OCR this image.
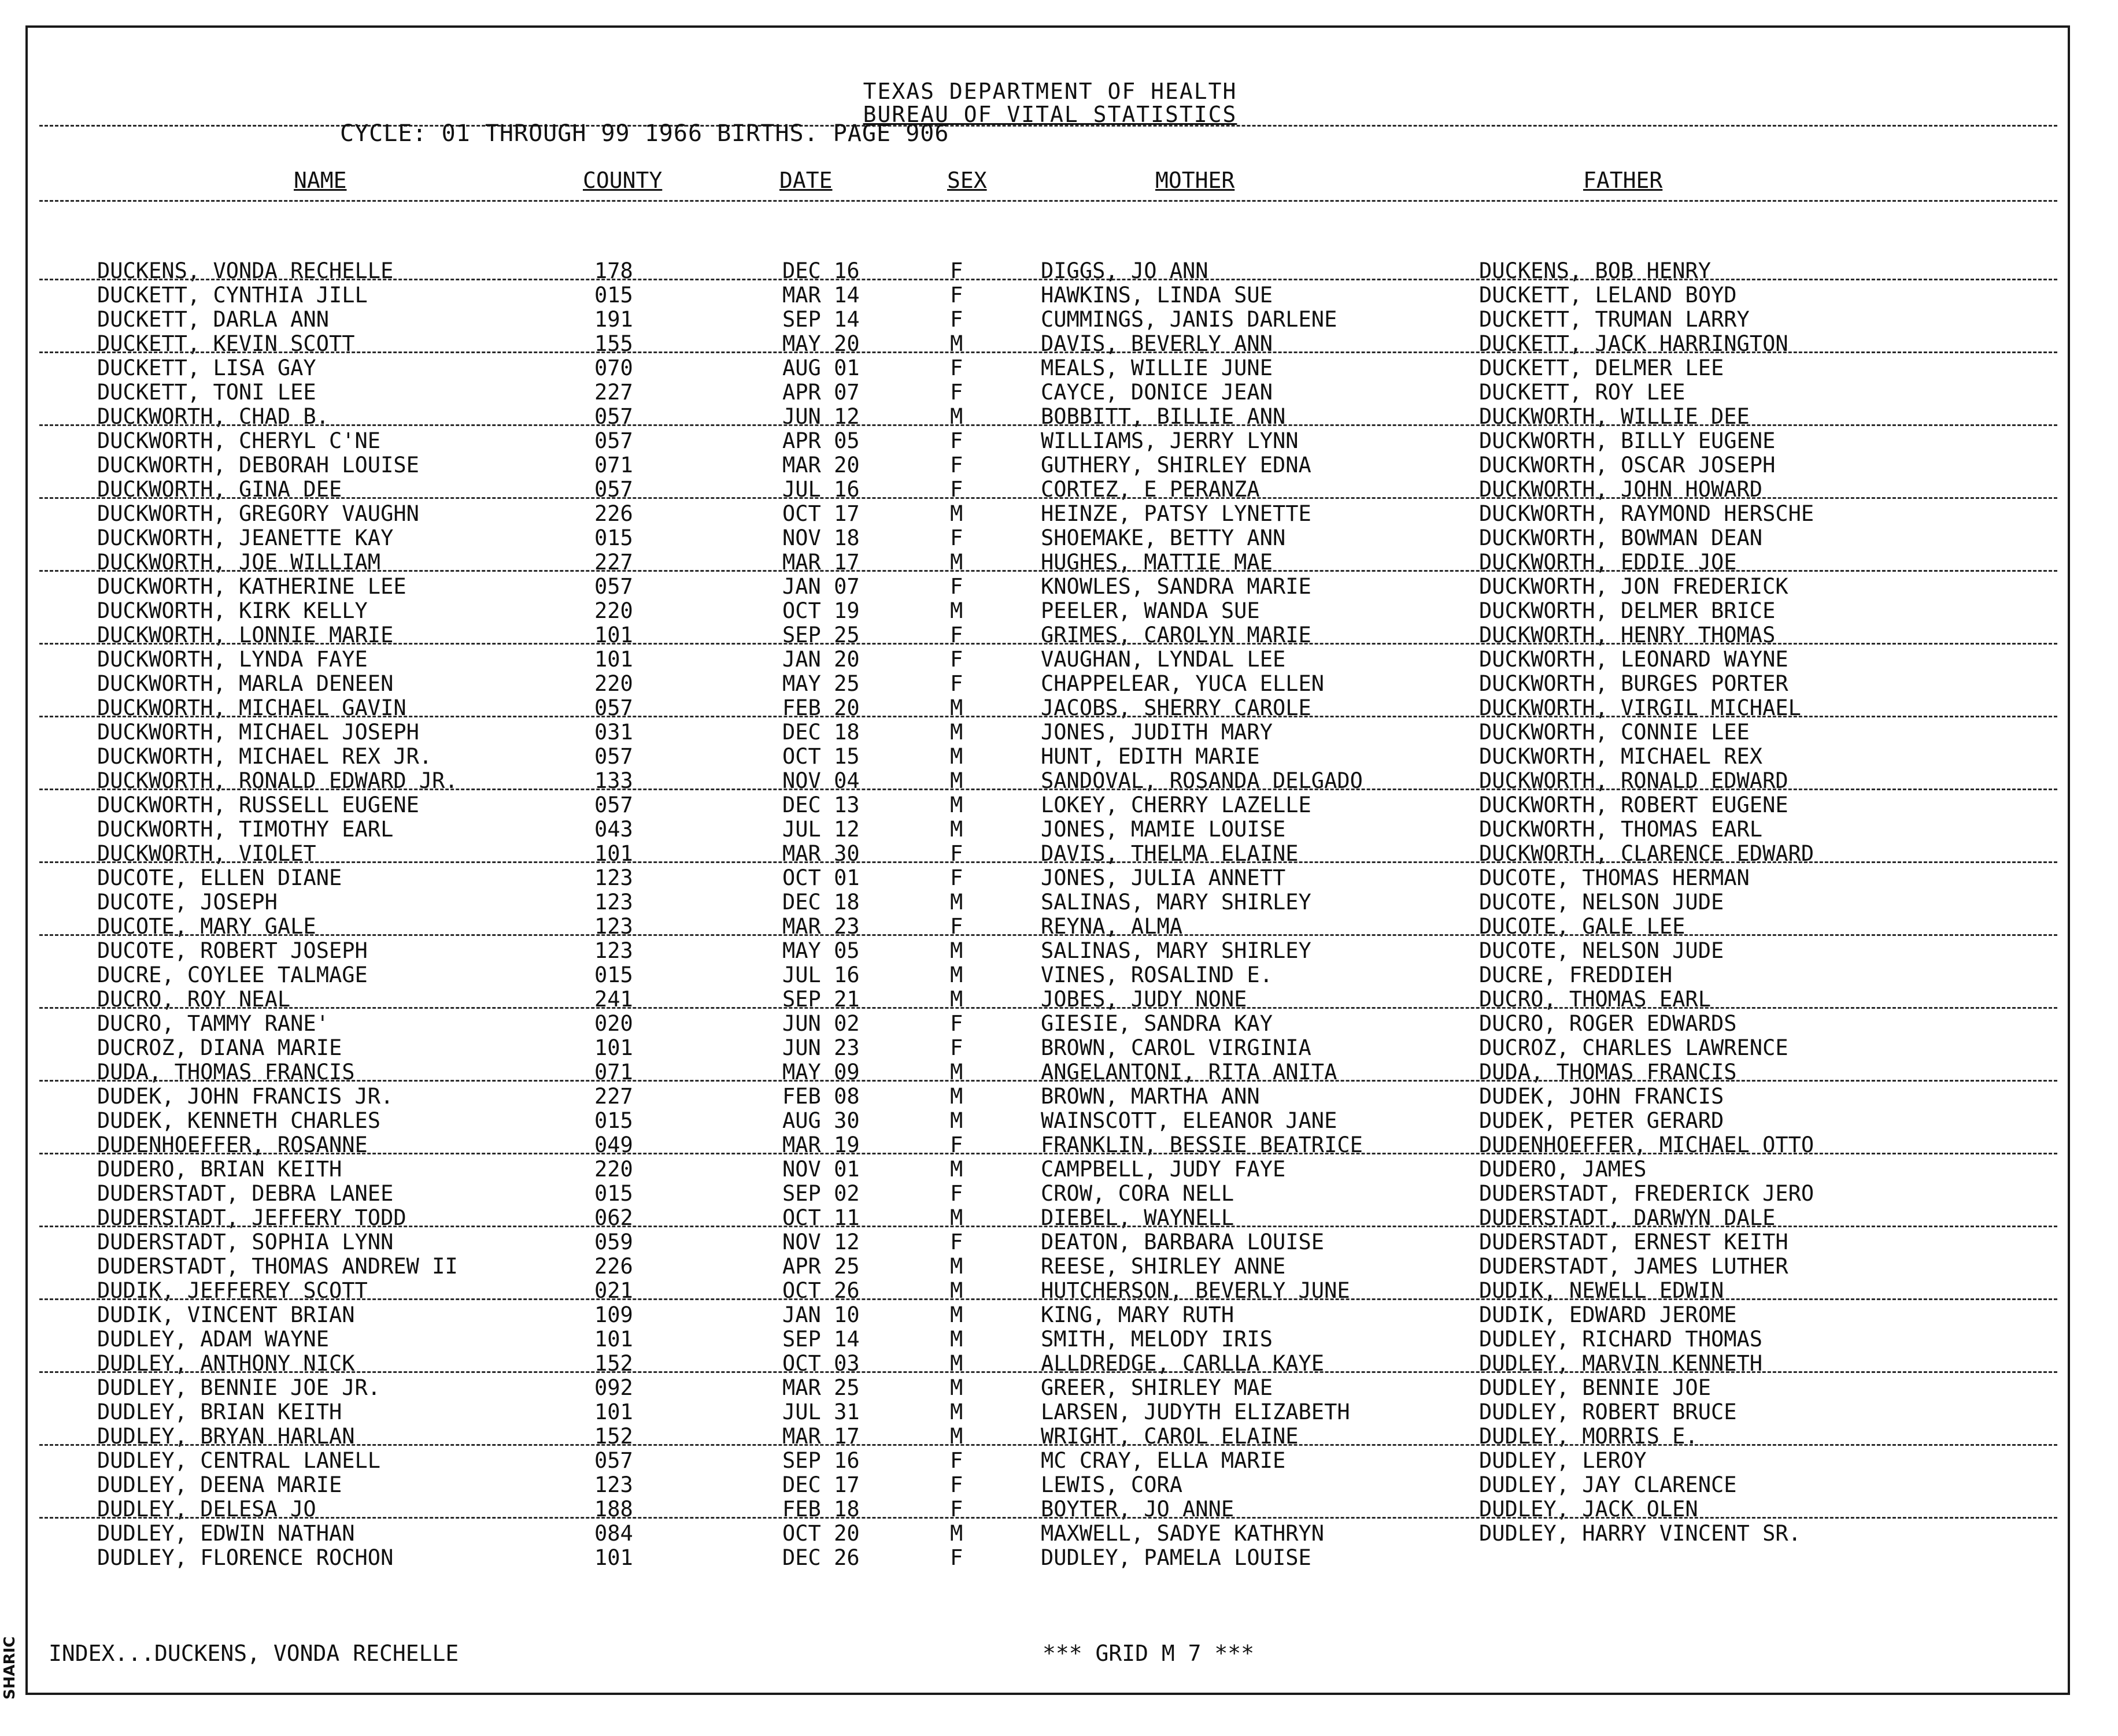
SHARIC
TEXAS DEPARTMENT OF HEALTH
BUREAU OF VITAL STATISTICS
CYCLE: 01 THROUGH 99 1966 BIRTHS. PAGE 906
NAME	COUNTY	DATE	SEX	MOTHER	FATHER
DUCKENS, VONDA RECHELLE	178	DEC 16	F	DIGGS, JO ANN	DUCKENS, BOB HENRY
DUCKETT, CYNTHIA JILL	015	MAR 14	F	HAWKINS, LINDA SUE	DUCKETT, LELAND BOYD
DUCKETT, DARLA ANN	191	SEP 14	F	CUMMINGS, JANIS DARLENE	DUCKETT, TRUMAN LARRY
DUCKETT, KEVIN SCOTT	155	MAY 20	M	DAVIS, BEVERLY ANN	DUCKETT, JACK HARRINGTON
DUCKETT, LISA GAY	070	AUG 01	F	MEALS, WILLIE JUNE	DUCKETT, DELMER LEE
DUCKETT, TONI LEE	227	APR 07	F	CAYCE, DONICE JEAN	DUCKETT, ROY LEE
DUCKWORTH, CHAD B.	057	JUN 12	M	BOBBITT, BILLIE ANN	DUCKWORTH, WILLIE DEE
DUCKWORTH, CHERYL C'NE	057	APR 05	F	WILLIAMS, JERRY LYNN	DUCKWORTH, BILLY EUGENE
DUCKWORTH, DEBORAH LOUISE	071	MAR 20	F	GUTHERY, SHIRLEY EDNA	DUCKWORTH, OSCAR JOSEPH
DUCKWORTH, GINA DEE	057	JUL 16	F	CORTEZ, E PERANZA	DUCKWORTH, JOHN HOWARD
DUCKWORTH, GREGORY VAUGHN	226	OCT 17	M	HEINZE, PATSY LYNETTE	DUCKWORTH, RAYMOND HERSCHE
DUCKWORTH, JEANETTE KAY	015	NOV 18	F	SHOEMAKE, BETTY ANN	DUCKWORTH, BOWMAN DEAN
DUCKWORTH, JOE WILLIAM	227	MAR 17	M	HUGHES, MATTIE MAE	DUCKWORTH, EDDIE JOE
DUCKWORTH, KATHERINE LEE	057	JAN 07	F	KNOWLES, SANDRA MARIE	DUCKWORTH, JON FREDERICK
DUCKWORTH, KIRK KELLY	220	OCT 19	M	PEELER, WANDA SUE	DUCKWORTH, DELMER BRICE
DUCKWORTH, LONNIE MARIE	101	SEP 25	F	GRIMES, CAROLYN MARIE	DUCKWORTH, HENRY THOMAS
DUCKWORTH, LYNDA FAYE	101	JAN 20	F	VAUGHAN, LYNDAL LEE	DUCKWORTH, LEONARD WAYNE
DUCKWORTH, MARLA DENEEN	220	MAY 25	F	CHAPPELEAR, YUCA ELLEN	DUCKWORTH, BURGES PORTER
DUCKWORTH, MICHAEL GAVIN	057	FEB 20	M	JACOBS, SHERRY CAROLE	DUCKWORTH, VIRGIL MICHAEL
DUCKWORTH, MICHAEL JOSEPH	031	DEC 18	M	JONES, JUDITH MARY	DUCKWORTH, CONNIE LEE
DUCKWORTH, MICHAEL REX JR.	057	OCT 15	M	HUNT, EDITH MARIE	DUCKWORTH, MICHAEL REX
DUCKWORTH, RONALD EDWARD JR.	133	NOV 04	M	SANDOVAL, ROSANDA DELGADO	DUCKWORTH, RONALD EDWARD
DUCKWORTH, RUSSELL EUGENE	057	DEC 13	M	LOKEY, CHERRY LAZELLE	DUCKWORTH, ROBERT EUGENE
DUCKWORTH, TIMOTHY EARL	043	JUL 12	M	JONES, MAMIE LOUISE	DUCKWORTH, THOMAS EARL
DUCKWORTH, VIOLET	101	MAR 30	F	DAVIS, THELMA ELAINE	DUCKWORTH, CLARENCE EDWARD
DUCOTE, ELLEN DIANE	123	OCT 01	F	JONES, JULIA ANNETT	DUCOTE, THOMAS HERMAN
DUCOTE, JOSEPH	123	DEC 18	M	SALINAS, MARY SHIRLEY	DUCOTE, NELSON JUDE
DUCOTE, MARY GALE	123	MAR 23	F	REYNA, ALMA	DUCOTE, GALE LEE
DUCOTE, ROBERT JOSEPH	123	MAY 05	M	SALINAS, MARY SHIRLEY	DUCOTE, NELSON JUDE
DUCRE, COYLEE TALMAGE	015	JUL 16	M	VINES, ROSALIND E.	DUCRE, FREDDIEH
DUCRO, ROY NEAL	241	SEP 21	M	JOBES, JUDY NONE	DUCRO, THOMAS EARL
DUCRO, TAMMY RANE'	020	JUN 02	F	GIESIE, SANDRA KAY	DUCRO, ROGER EDWARDS
DUCROZ, DIANA MARIE	101	JUN 23	F	BROWN, CAROL VIRGINIA	DUCROZ, CHARLES LAWRENCE
DUDA, THOMAS FRANCIS	071	MAY 09	M	ANGELANTONI, RITA ANITA	DUDA, THOMAS FRANCIS
DUDEK, JOHN FRANCIS JR.	227	FEB 08	M	BROWN, MARTHA ANN	DUDEK, JOHN FRANCIS
DUDEK, KENNETH CHARLES	015	AUG 30	M	WAINSCOTT, ELEANOR JANE	DUDEK, PETER GERARD
DUDENHOEFFER, ROSANNE	049	MAR 19	F	FRANKLIN, BESSIE BEATRICE	DUDENHOEFFER, MICHAEL OTTO
DUDERO, BRIAN KEITH	220	NOV 01	M	CAMPBELL, JUDY FAYE	DUDERO, JAMES
DUDERSTADT, DEBRA LANEE	015	SEP 02	F	CROW, CORA NELL	DUDERSTADT, FREDERICK JERO
DUDERSTADT, JEFFERY TODD	062	OCT 11	M	DIEBEL, WAYNELL	DUDERSTADT, DARWYN DALE
DUDERSTADT, SOPHIA LYNN	059	NOV 12	F	DEATON, BARBARA LOUISE	DUDERSTADT, ERNEST KEITH
DUDERSTADT, THOMAS ANDREW II	226	APR 25	M	REESE, SHIRLEY ANNE	DUDERSTADT, JAMES LUTHER
DUDIK, JEFFEREY SCOTT	021	OCT 26	M	HUTCHERSON, BEVERLY JUNE	DUDIK, NEWELL EDWIN
DUDIK, VINCENT BRIAN	109	JAN 10	M	KING, MARY RUTH	DUDIK, EDWARD JEROME
DUDLEY, ADAM WAYNE	101	SEP 14	M	SMITH, MELODY IRIS	DUDLEY, RICHARD THOMAS
DUDLEY, ANTHONY NICK	152	OCT 03	M	ALLDREDGE, CARLLA KAYE	DUDLEY, MARVIN KENNETH
DUDLEY, BENNIE JOE JR.	092	MAR 25	M	GREER, SHIRLEY MAE	DUDLEY, BENNIE JOE
DUDLEY, BRIAN KEITH	101	JUL 31	M	LARSEN, JUDYTH ELIZABETH	DUDLEY, ROBERT BRUCE
DUDLEY, BRYAN HARLAN	152	MAR 17	M	WRIGHT, CAROL ELAINE	DUDLEY, MORRIS E.
DUDLEY, CENTRAL LANELL	057	SEP 16	F	MC CRAY, ELLA MARIE	DUDLEY, LEROY
DUDLEY, DEENA MARIE	123	DEC 17	F	LEWIS, CORA	DUDLEY, JAY CLARENCE
DUDLEY, DELESA JO	188	FEB 18	F	BOYTER, JO ANNE	DUDLEY, JACK OLEN
DUDLEY, EDWIN NATHAN	084	OCT 20	M	MAXWELL, SADYE KATHRYN	DUDLEY, HARRY VINCENT SR.
DUDLEY, FLORENCE ROCHON	101	DEC 26	F	DUDLEY, PAMELA LOUISE
INDEX...DUCKENS, VONDA RECHELLE	*** GRID M 7 ***
